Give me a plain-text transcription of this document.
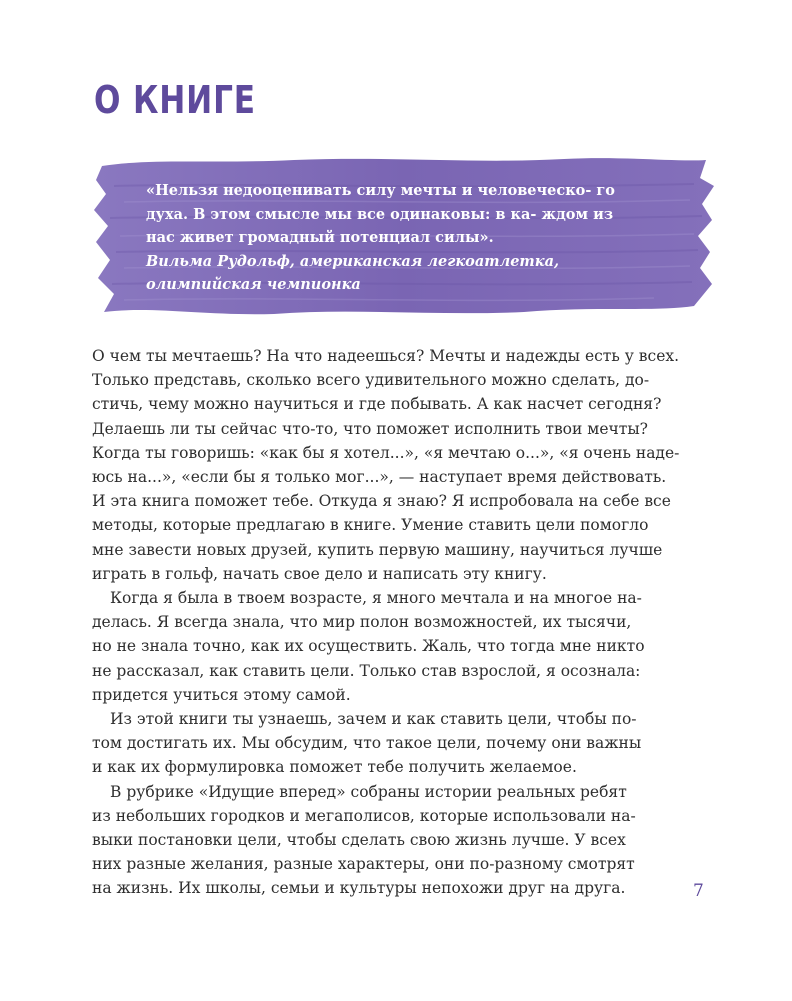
О КНИГЕ
«Нельзя недооценивать силу мечты и человеческо- го духа. В этом смысле мы все одинаковы: в ка- ждом из нас живет громадный потенциал силы».
Вильма Рудольф, американская легкоатлетка,
олимпийская чемпионка

О чем ты мечтаешь? На что надеешься? Мечты и надежды есть у всех.
Только представь, сколько всего удивительного можно сделать, до-
стичь, чему можно научиться и где побывать. А как насчет сегодня?
Делаешь ли ты сейчас что-то, что поможет исполнить твои мечты?
Когда ты говоришь: «как бы я хотел...», «я мечтаю о...», «я очень наде-
юсь на...», «если бы я только мог...», — наступает время действовать.
И эта книга поможет тебе. Откуда я знаю? Я испробовала на себе все
методы, которые предлагаю в книге. Умение ставить цели помогло
мне завести новых друзей, купить первую машину, научиться лучше
играть в гольф, начать свое дело и написать эту книгу.

Когда я была в твоем возрасте, я много мечтала и на многое на-
делась. Я всегда знала, что мир полон возможностей, их тысячи,
но не знала точно, как их осуществить. Жаль, что тогда мне никто
не рассказал, как ставить цели. Только став взрослой, я осознала:
придется учиться этому самой.

Из этой книги ты узнаешь, зачем и как ставить цели, чтобы по-
том достигать их. Мы обсудим, что такое цели, почему они важны
и как их формулировка поможет тебе получить желаемое.

В рубрике «Идущие вперед» собраны истории реальных ребят
из небольших городков и мегаполисов, которые использовали на-
выки постановки цели, чтобы сделать свою жизнь лучше. У всех
них разные желания, разные характеры, они по-разному смотрят
на жизнь. Их школы, семьи и культуры непохожи друг на друга.	7
